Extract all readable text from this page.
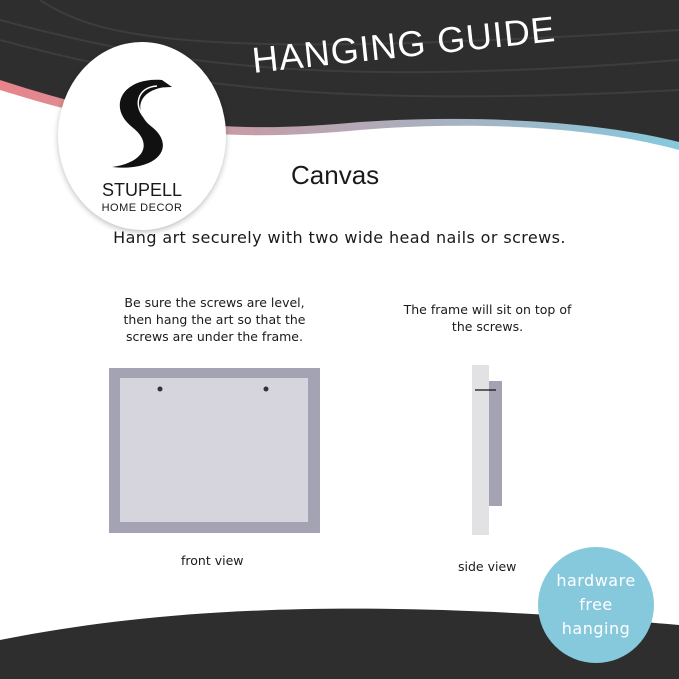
HANGING GUIDE
STUPELL
HOME DECOR
Canvas
Hang art securely with two wide head nails or screws.
Be sure the screws are level, then hang the art so that the screws are under the frame.
The frame will sit on top of the screws.
front view	side view
hardware
free
hanging
